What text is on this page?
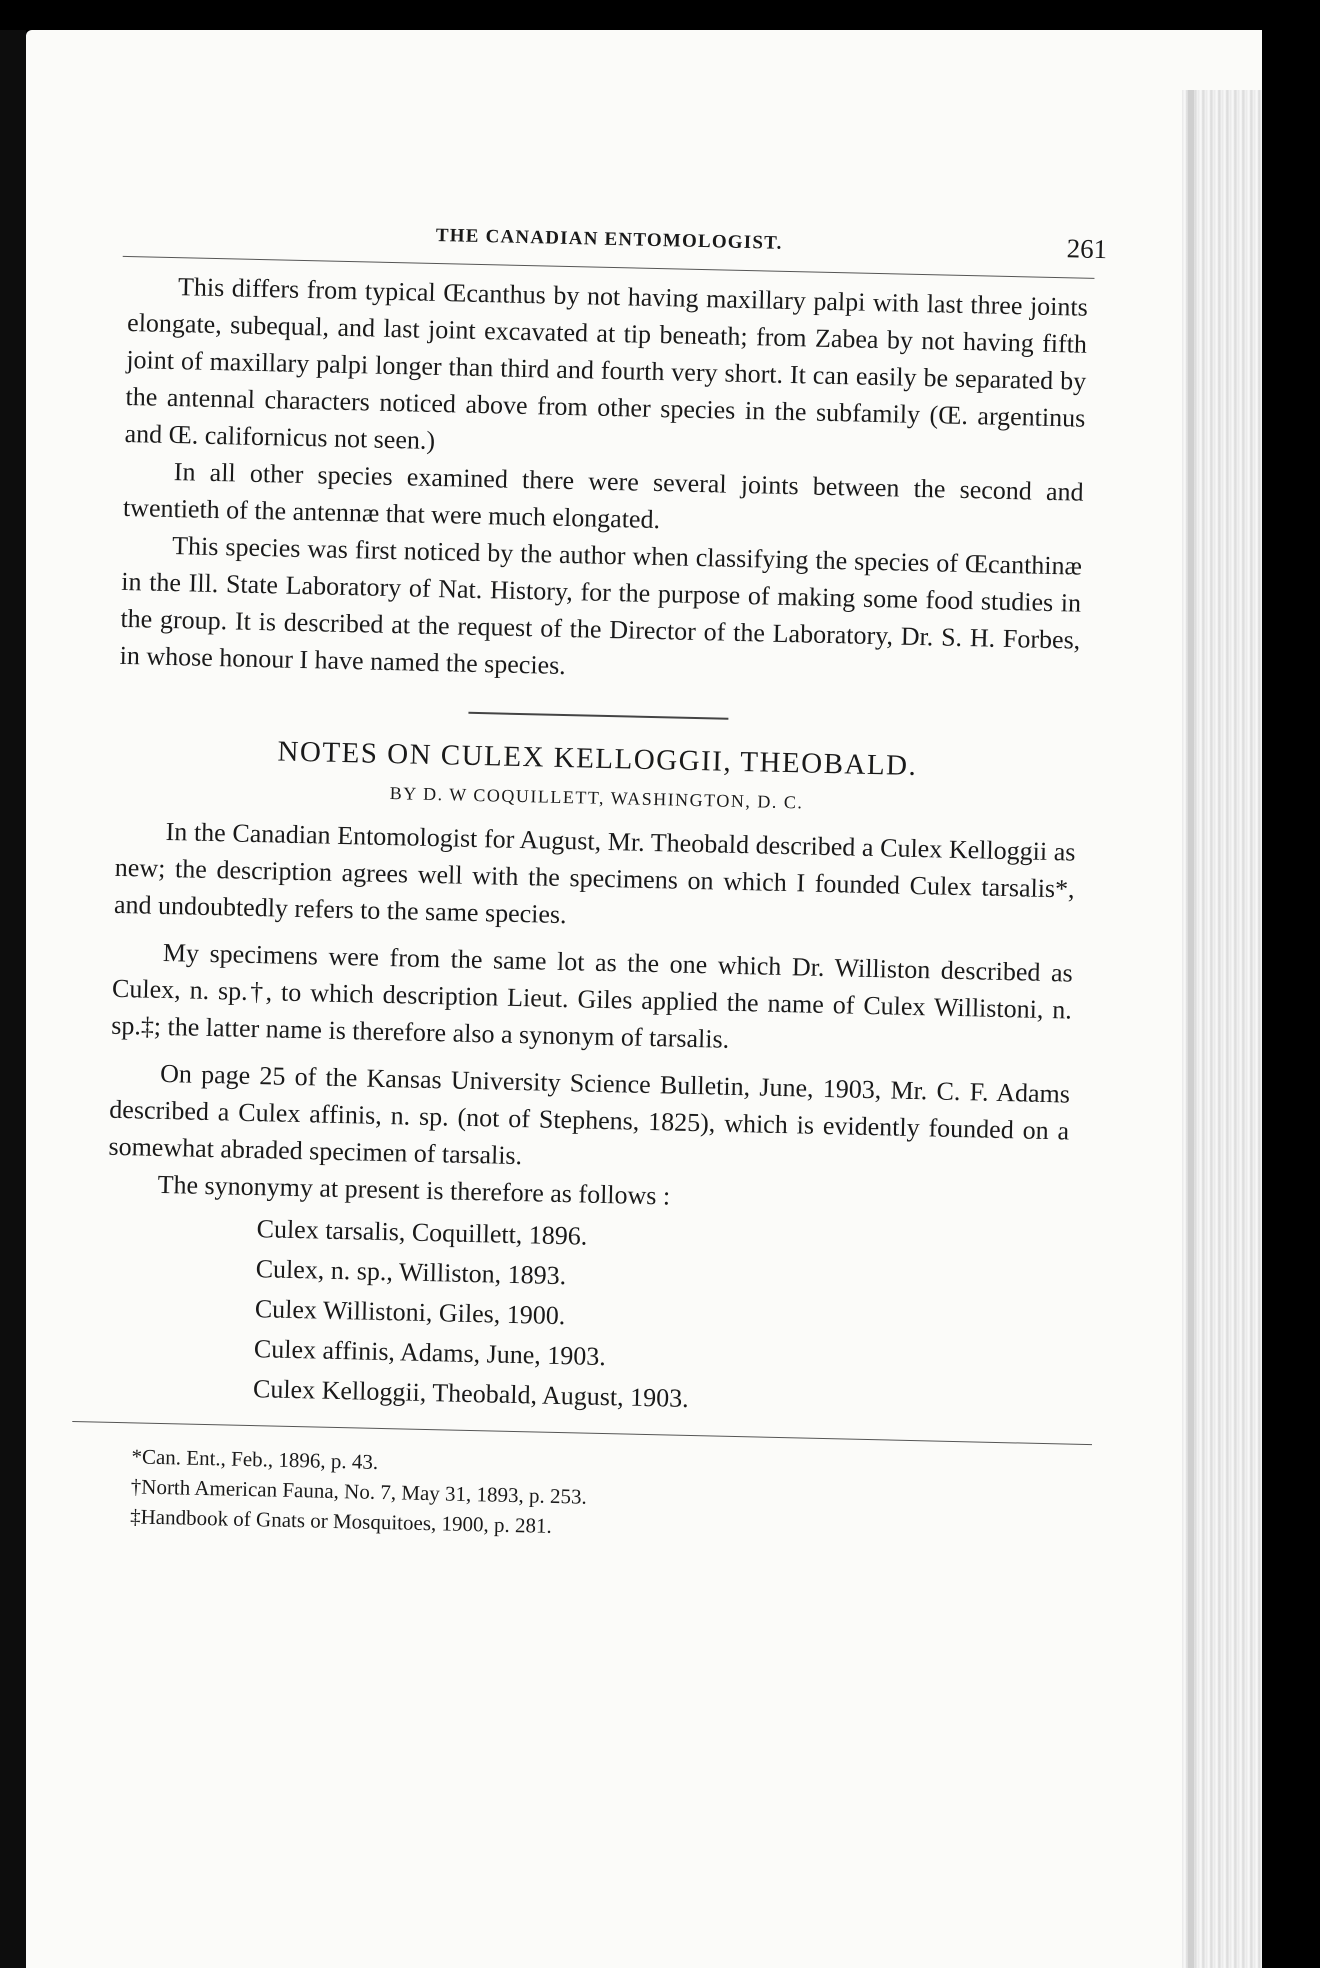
THE CANADIAN ENTOMOLOGIST.	261

This differs from typical Œcanthus by not having maxillary palpi with last three joints elongate, subequal, and last joint excavated at tip beneath; from Zabea by not having fifth joint of maxillary palpi longer than third and fourth very short. It can easily be separated by the antennal characters noticed above from other species in the subfamily (Œ. argentinus and Œ. californicus not seen.)

In all other species examined there were several joints between the second and twentieth of the antennæ that were much elongated.

This species was first noticed by the author when classifying the species of Œcanthinæ in the Ill. State Laboratory of Nat. History, for the purpose of making some food studies in the group. It is described at the request of the Director of the Laboratory, Dr. S. H. Forbes, in whose honour I have named the species.

NOTES ON CULEX KELLOGGII, THEOBALD.
BY D. W COQUILLETT, WASHINGTON, D. C.

In the Canadian Entomologist for August, Mr. Theobald described a Culex Kelloggii as new; the description agrees well with the specimens on which I founded Culex tarsalis*, and undoubtedly refers to the same species.

My specimens were from the same lot as the one which Dr. Williston described as Culex, n. sp.†, to which description Lieut. Giles applied the name of Culex Willistoni, n. sp.‡; the latter name is therefore also a synonym of tarsalis.

On page 25 of the Kansas University Science Bulletin, June, 1903, Mr. C. F. Adams described a Culex affinis, n. sp. (not of Stephens, 1825), which is evidently founded on a somewhat abraded specimen of tarsalis.

The synonymy at present is therefore as follows :

Culex tarsalis, Coquillett, 1896.
Culex, n. sp., Williston, 1893.
Culex Willistoni, Giles, 1900.
Culex affinis, Adams, June, 1903.
Culex Kelloggii, Theobald, August, 1903.
*Can. Ent., Feb., 1896, p. 43.
†North American Fauna, No. 7, May 31, 1893, p. 253.
‡Handbook of Gnats or Mosquitoes, 1900, p. 281.
